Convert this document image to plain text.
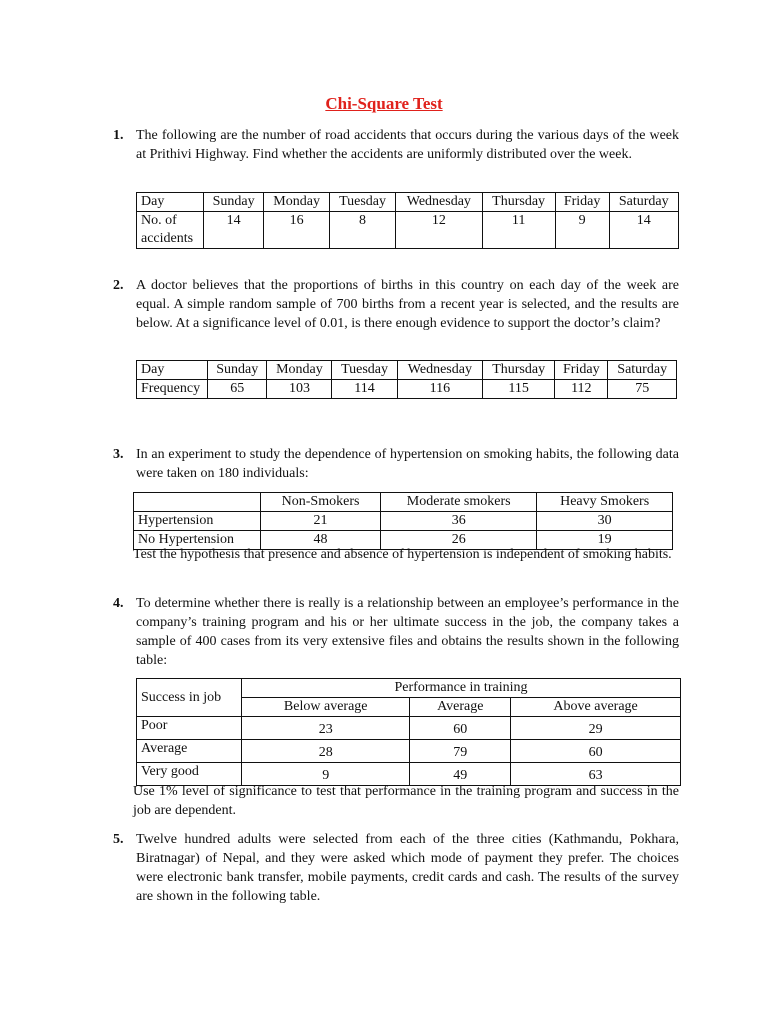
Chi-Square Test
1. The following are the number of road accidents that occurs during the various days of the week at Prithivi Highway. Find whether the accidents are uniformly distributed over the week.
Day	Sunday	Monday	Tuesday	Wednesday	Thursday	Friday	Saturday
No. of accidents	14	16	8	12	11	9	14
2. A doctor believes that the proportions of births in this country on each day of the week are equal. A simple random sample of 700 births from a recent year is selected, and the results are below. At a significance level of 0.01, is there enough evidence to support the doctor’s claim?
Day	Sunday	Monday	Tuesday	Wednesday	Thursday	Friday	Saturday
Frequency	65	103	114	116	115	112	75
3. In an experiment to study the dependence of hypertension on smoking habits, the following data were taken on 180 individuals:
	Non-Smokers	Moderate smokers	Heavy Smokers
Hypertension	21	36	30
No Hypertension	48	26	19
Test the hypothesis that presence and absence of hypertension is independent of smoking habits.
4. To determine whether there is really is a relationship between an employee’s performance in the company’s training program and his or her ultimate success in the job, the company takes a sample of 400 cases from its very extensive files and obtains the results shown in the following table:
Success in job	Performance in training		
	Below average	Average	Above average
Poor	23	60	29
Average	28	79	60
Very good	9	49	63
Use 1% level of significance to test that performance in the training program and success in the job are dependent.
5. Twelve hundred adults were selected from each of the three cities (Kathmandu, Pokhara, Biratnagar) of Nepal, and they were asked which mode of payment they prefer. The choices were electronic bank transfer, mobile payments, credit cards and cash. The results of the survey are shown in the following table.
